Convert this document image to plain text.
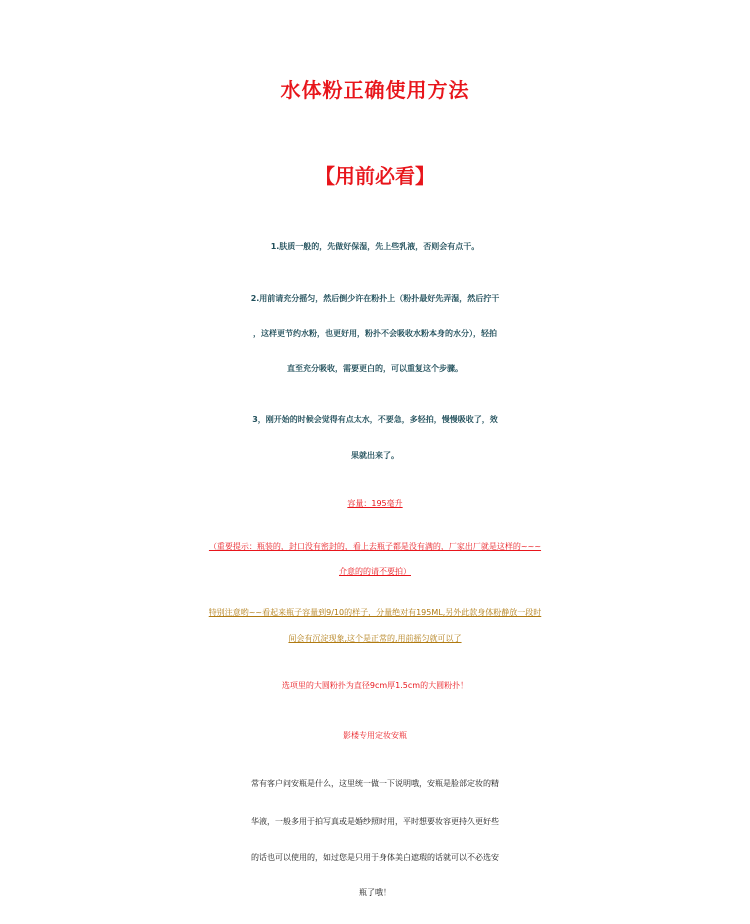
水体粉正确使用方法
【用前必看】
1.肤质一般的，先做好保湿，先上些乳液，否则会有点干。
2.用前请充分摇匀，然后倒少许在粉扑上（粉扑最好先弄湿，然后拧干
，这样更节约水粉，也更好用，粉扑不会吸收水粉本身的水分），轻拍
直至充分吸收，需要更白的，可以重复这个步骤。
3，刚开始的时候会觉得有点太水，不要急，多轻拍，慢慢吸收了，效
果就出来了。
容量：195毫升
（重要提示：瓶装的，封口没有密封的，看上去瓶子都是没有满的，厂家出厂就是这样的~~~
介意的的请不要拍）
特别注意哟~~看起来瓶子容量到9/10的样子，分量绝对有195ML,另外此款身体粉静放一段时
间会有沉淀现象,这个是正常的,用前摇匀就可以了
选项里的大圆粉扑为直径9cm厚1.5cm的大圆粉扑！
影楼专用定妆安瓶
常有客户问安瓶是什么，这里统一做一下说明哦，安瓶是脸部定妆的精
华液，一般多用于拍写真或是婚纱照时用，平时想要妆容更持久更好些
的话也可以使用的，如过您是只用于身体美白遮瑕的话就可以不必选安
瓶了哦！
